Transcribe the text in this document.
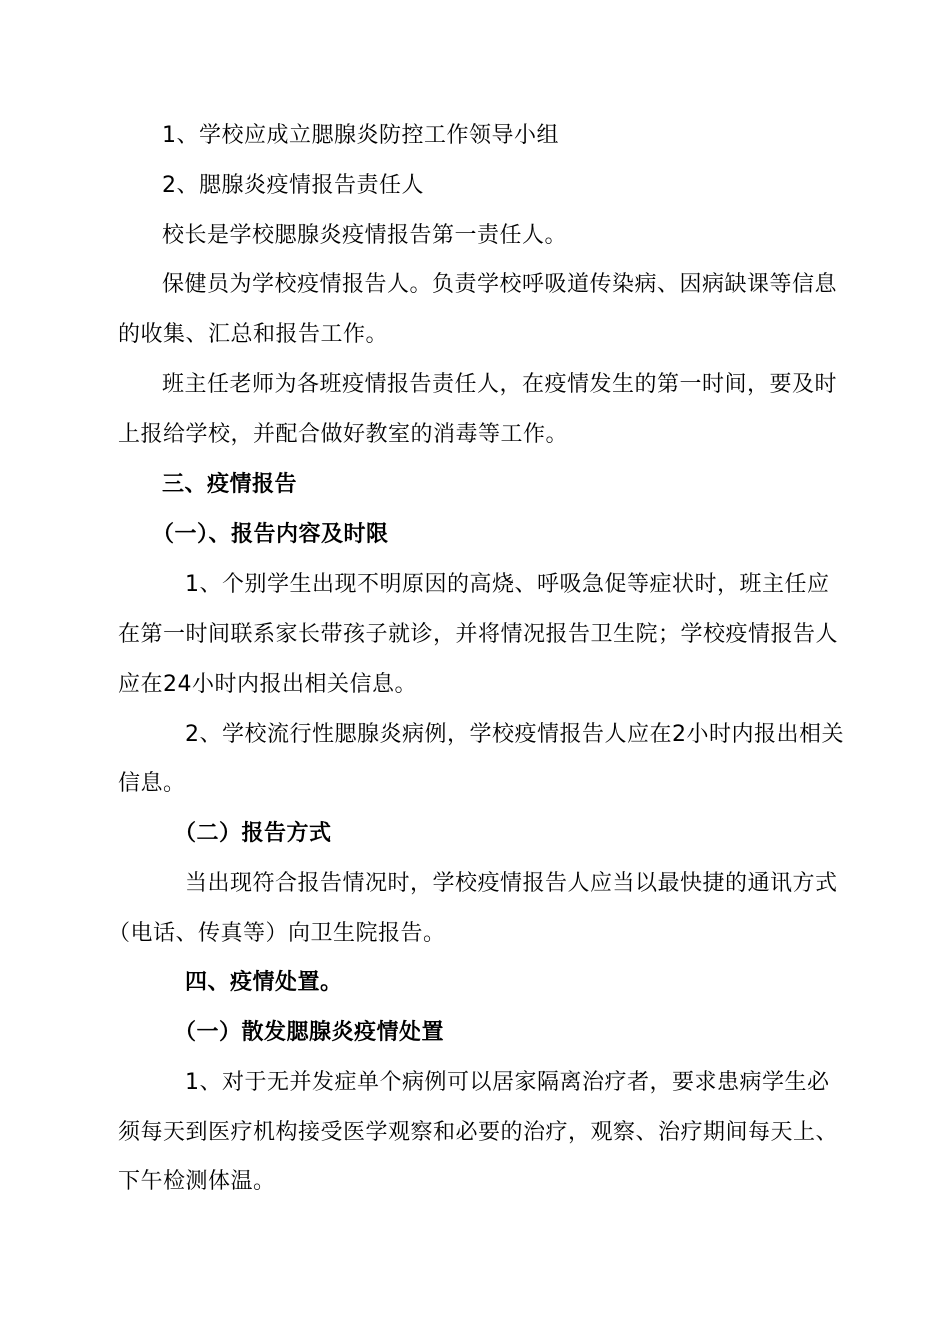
1、学校应成立腮腺炎防控工作领导小组
2、腮腺炎疫情报告责任人
校长是学校腮腺炎疫情报告第一责任人。
保健员为学校疫情报告人。负责学校呼吸道传染病、因病缺课等信息
的收集、汇总和报告工作。
班主任老师为各班疫情报告责任人，在疫情发生的第一时间，要及时
上报给学校，并配合做好教室的消毒等工作。
三、疫情报告
（一）、报告内容及时限
1、个别学生出现不明原因的高烧、呼吸急促等症状时，班主任应
在第一时间联系家长带孩子就诊，并将情况报告卫生院；学校疫情报告人
应在24小时内报出相关信息。
2、学校流行性腮腺炎病例，学校疫情报告人应在2小时内报出相关
信息。
（二）报告方式
当出现符合报告情况时，学校疫情报告人应当以最快捷的通讯方式
（电话、传真等）向卫生院报告。
四、疫情处置。
（一）散发腮腺炎疫情处置
1、对于无并发症单个病例可以居家隔离治疗者，要求患病学生必
须每天到医疗机构接受医学观察和必要的治疗，观察、治疗期间每天上、
下午检测体温。
